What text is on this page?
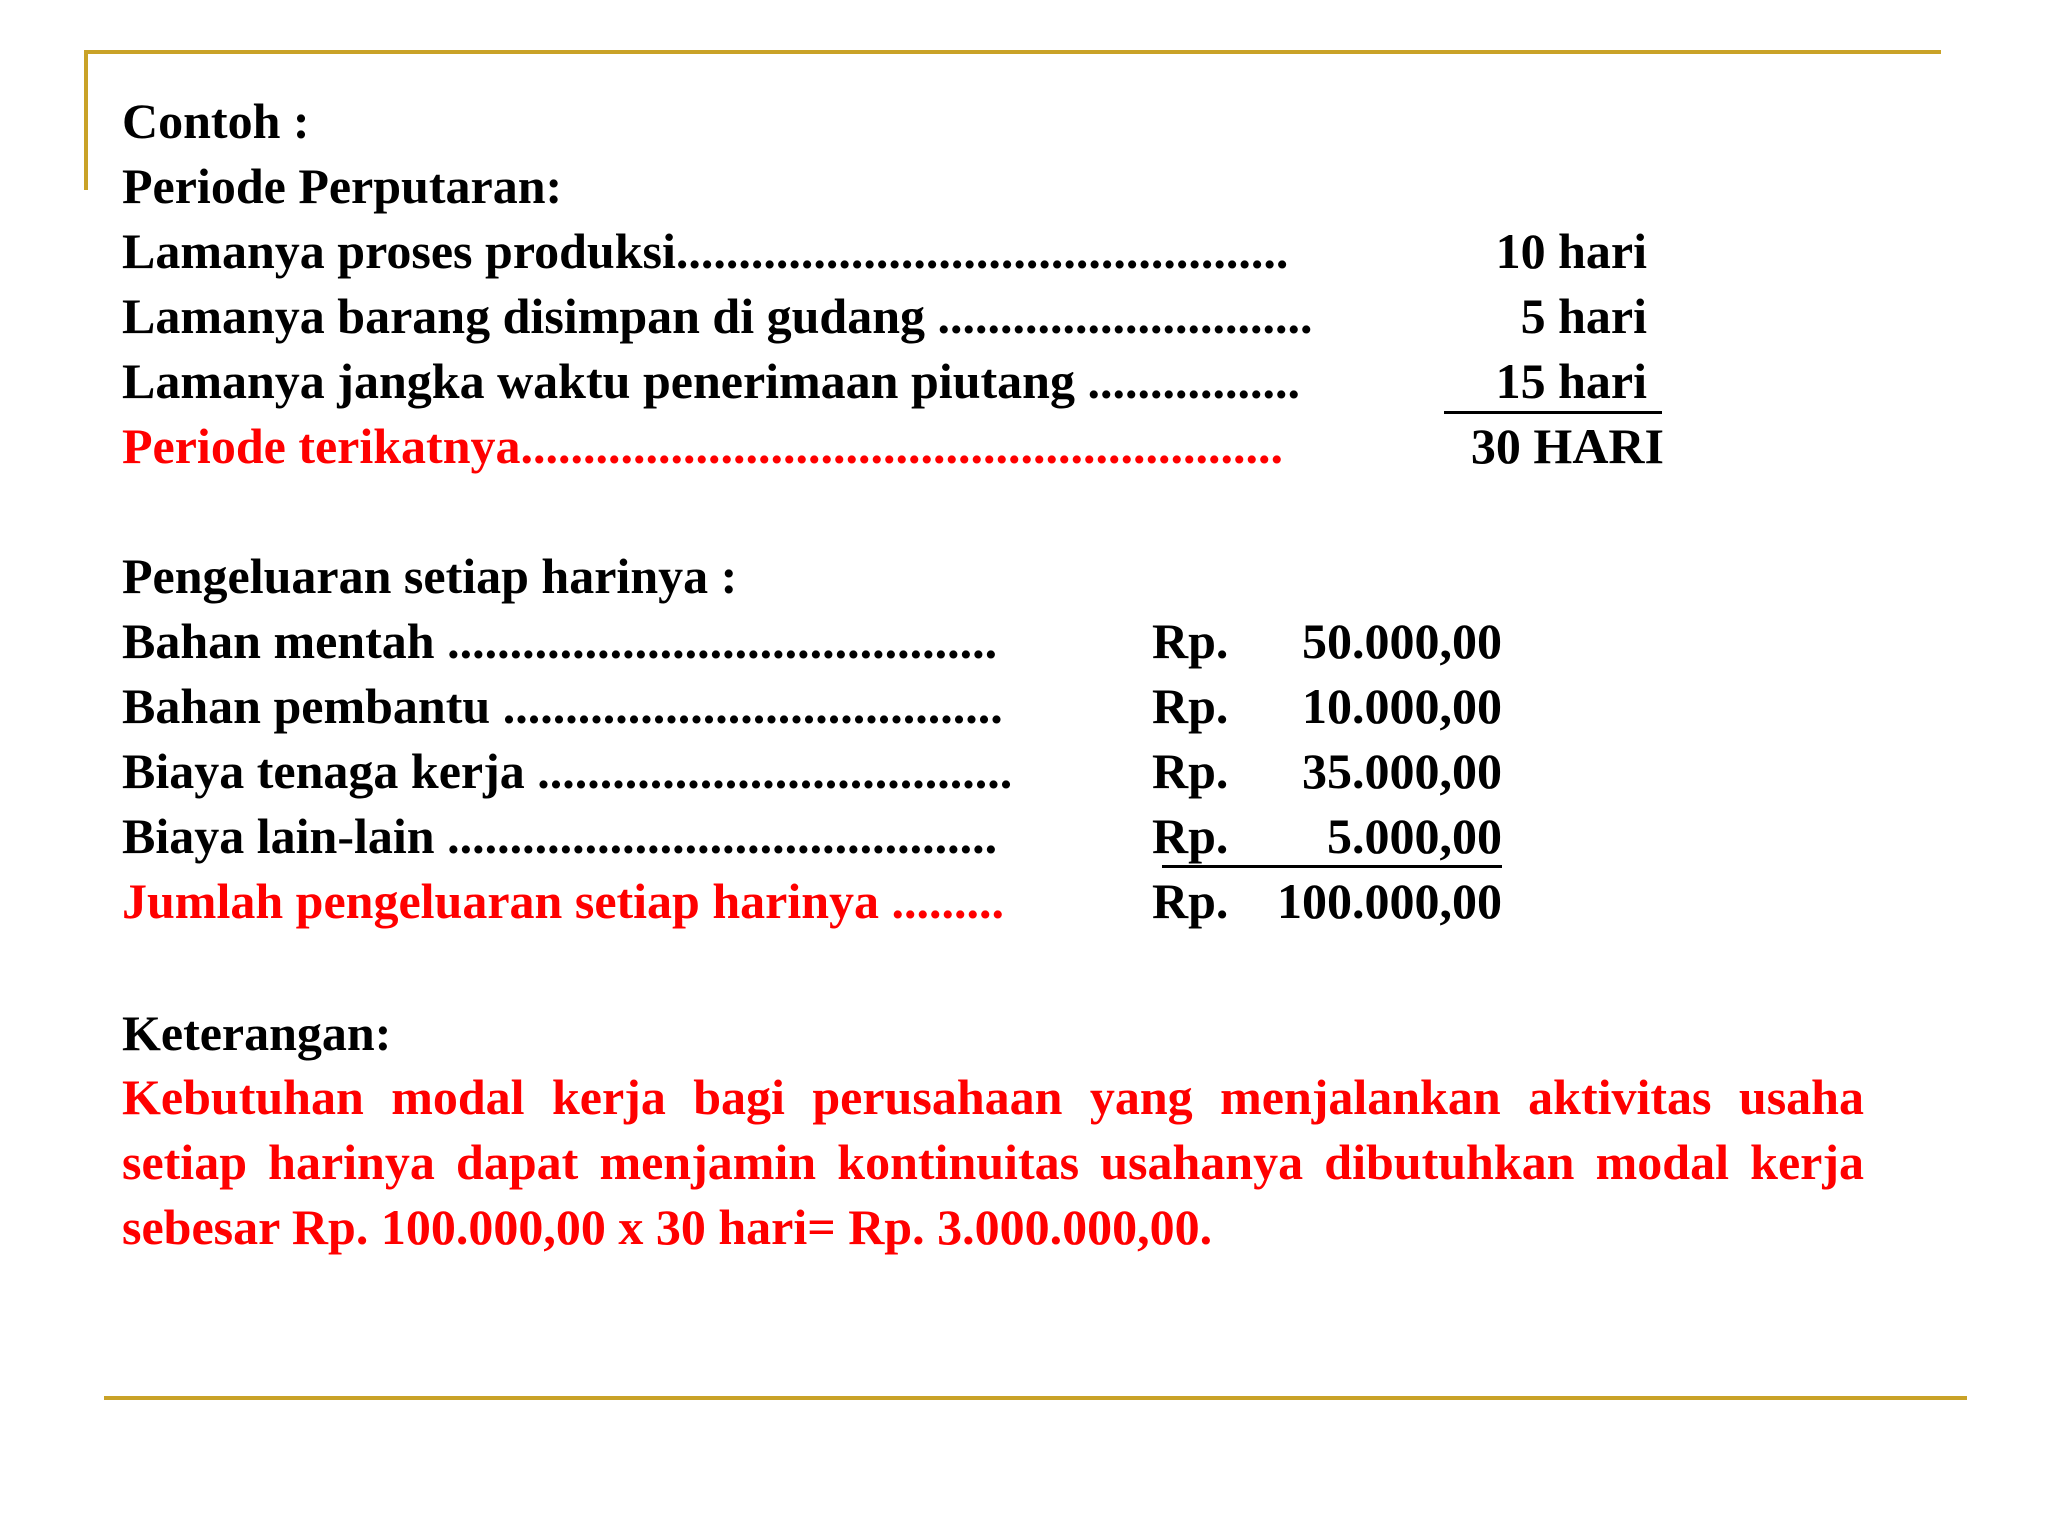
Contoh :
Periode Perputaran:
Lamanya proses produksi.................................................	10 hari
Lamanya barang disimpan di gudang ..............................	5 hari
Lamanya jangka waktu penerimaan piutang .................	15 hari
Periode terikatnya.............................................................	30 HARI
Pengeluaran setiap harinya :
Bahan mentah ............................................	Rp. 50.000,00
Bahan pembantu ........................................	Rp. 10.000,00
Biaya tenaga kerja ......................................	Rp. 35.000,00
Biaya lain-lain ............................................	Rp. 5.000,00
Jumlah pengeluaran setiap harinya .........	Rp. 100.000,00
Keterangan:
Kebutuhan modal kerja bagi perusahaan yang menjalankan aktivitas usaha setiap harinya dapat menjamin kontinuitas usahanya dibutuhkan modal kerja sebesar Rp. 100.000,00 x 30 hari= Rp. 3.000.000,00.
